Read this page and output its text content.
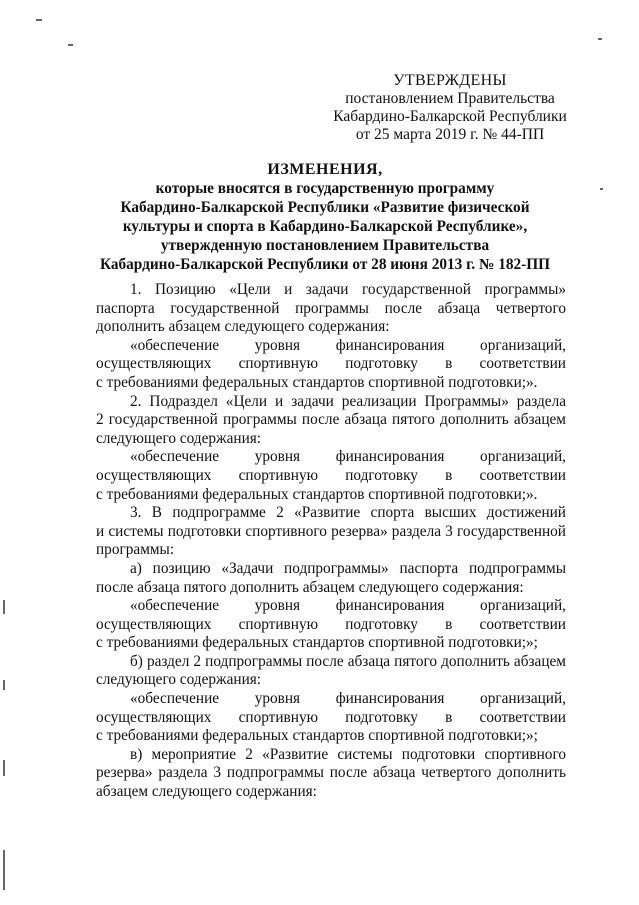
УТВЕРЖДЕНЫ
постановлением Правительства
Кабардино-Балкарской Республики
от 25 марта 2019 г. № 44-ПП
ИЗМЕНЕНИЯ,
которые вносятся в государственную программу
Кабардино-Балкарской Республики «Развитие физической
культуры и спорта в Кабардино-Балкарской Республике»,
утвержденную постановлением Правительства
Кабардино-Балкарской Республики от 28 июня 2013 г. № 182-ПП

1. Позицию «Цели и задачи государственной программы»
паспорта государственной программы после абзаца четвертого
дополнить абзацем следующего содержания:

«обеспечение уровня финансирования организаций,
осуществляющих спортивную подготовку в соответствии
с требованиями федеральных стандартов спортивной подготовки;».

2. Подраздел «Цели и задачи реализации Программы» раздела
2 государственной программы после абзаца пятого дополнить абзацем
следующего содержания:

«обеспечение уровня финансирования организаций,
осуществляющих спортивную подготовку в соответствии
с требованиями федеральных стандартов спортивной подготовки;».

3. В подпрограмме 2 «Развитие спорта высших достижений
и системы подготовки спортивного резерва» раздела 3 государственной
программы:

а) позицию «Задачи подпрограммы» паспорта подпрограммы
после абзаца пятого дополнить абзацем следующего содержания:

«обеспечение уровня финансирования организаций,
осуществляющих спортивную подготовку в соответствии
с требованиями федеральных стандартов спортивной подготовки;»;

б) раздел 2 подпрограммы после абзаца пятого дополнить абзацем
следующего содержания:

«обеспечение уровня финансирования организаций,
осуществляющих спортивную подготовку в соответствии
с требованиями федеральных стандартов спортивной подготовки;»;

в) мероприятие 2 «Развитие системы подготовки спортивного
резерва» раздела 3 подпрограммы после абзаца четвертого дополнить
абзацем следующего содержания:
